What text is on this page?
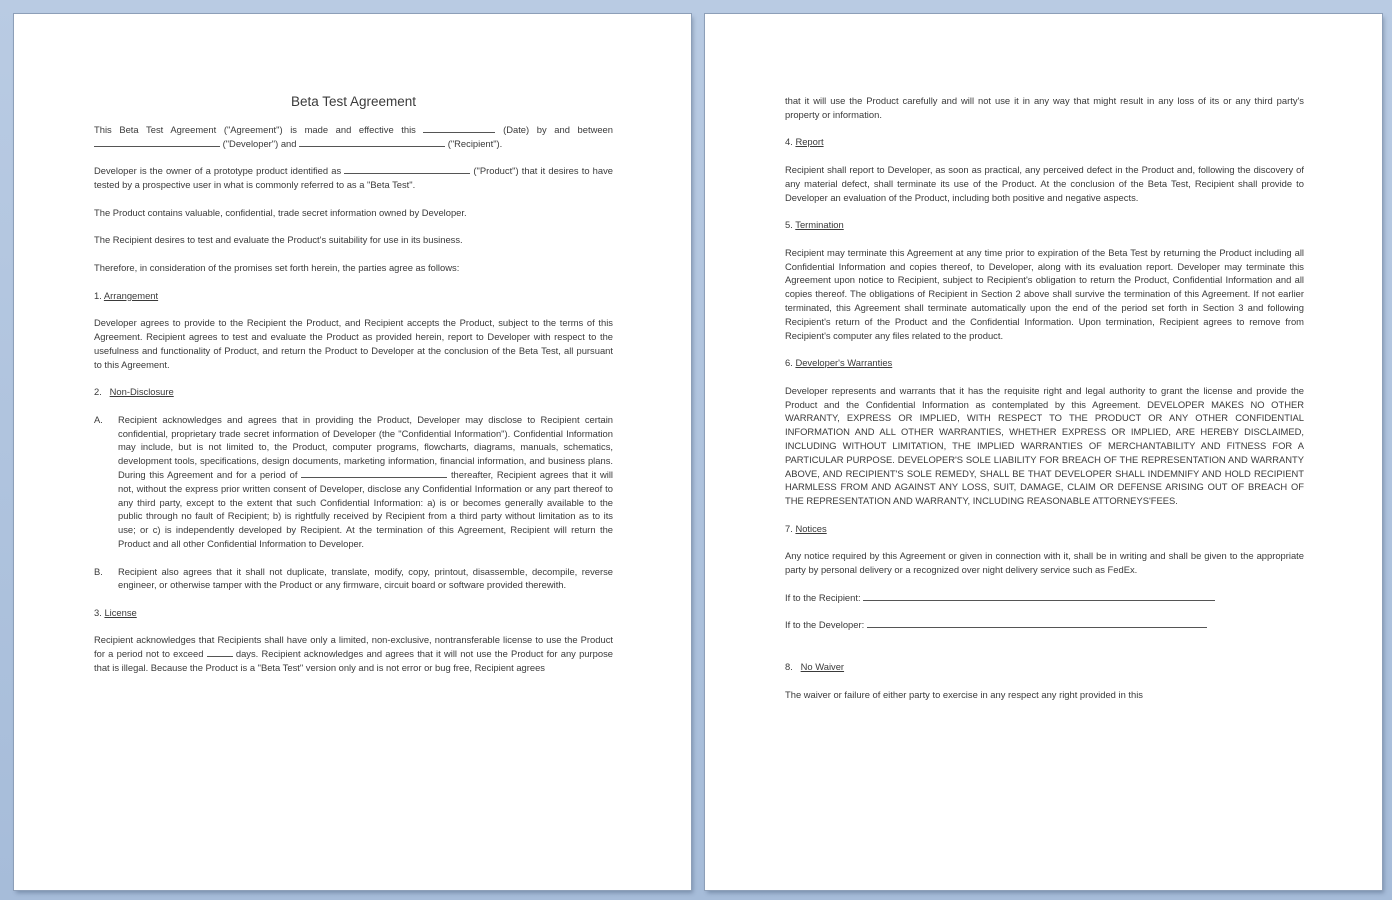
Beta Test Agreement

This Beta Test Agreement ("Agreement") is made and effective this	(Date) by and between  ("Developer") and	("Recipient").

Developer is the owner of a prototype product identified as	("Product") that it desires to have tested by a prospective user in what is commonly referred to as a "Beta Test".

The Product contains valuable, confidential, trade secret information owned by Developer.

The Recipient desires to test and evaluate the Product's suitability for use in its business.

Therefore, in consideration of the promises set forth herein, the parties agree as follows:

1. Arrangement

Developer agrees to provide to the Recipient the Product, and Recipient accepts the Product, subject to the terms of this Agreement. Recipient agrees to test and evaluate the Product as provided herein, report to Developer with respect to the usefulness and functionality of Product, and return the Product to Developer at the conclusion of the Beta Test, all pursuant to this Agreement.

2.   Non-Disclosure
A.	Recipient acknowledges and agrees that in providing the Product, Developer may disclose to Recipient certain confidential, proprietary trade secret information of Developer (the "Confidential Information"). Confidential Information may include, but is not limited to, the Product, computer programs, flowcharts, diagrams, manuals, schematics, development tools, specifications, design documents, marketing information, financial information, and business plans. During this Agreement and for a period of	thereafter, Recipient agrees that it will not, without the express prior written consent of Developer, disclose any Confidential Information or any part thereof to any third party, except to the extent that such Confidential Information: a) is or becomes generally available to the public through no fault of Recipient; b) is rightfully received by Recipient from a third party without limitation as to its use; or c) is independently developed by Recipient. At the termination of this Agreement, Recipient will return the Product and all other Confidential Information to Developer.
B.	Recipient also agrees that it shall not duplicate, translate, modify, copy, printout, disassemble, decompile, reverse engineer, or otherwise tamper with the Product or any firmware, circuit board or software provided therewith.
3. License

Recipient acknowledges that Recipients shall have only a limited, non-exclusive, nontransferable license to use the Product for a period not to exceed	days. Recipient acknowledges and agrees that it will not use the Product for any purpose that is illegal. Because the Product is a "Beta Test" version only and is not error or bug free, Recipient agrees

that it will use the Product carefully and will not use it in any way that might result in any loss of its or any third party's property or information.

4. Report

Recipient shall report to Developer, as soon as practical, any perceived defect in the Product and, following the discovery of any material defect, shall terminate its use of the Product. At the conclusion of the Beta Test, Recipient shall provide to Developer an evaluation of the Product, including both positive and negative aspects.

5. Termination

Recipient may terminate this Agreement at any time prior to expiration of the Beta Test by returning the Product including all Confidential Information and copies thereof, to Developer, along with its evaluation report. Developer may terminate this Agreement upon notice to Recipient, subject to Recipient's obligation to return the Product, Confidential Information and all copies thereof. The obligations of Recipient in Section 2 above shall survive the termination of this Agreement. If not earlier terminated, this Agreement shall terminate automatically upon the end of the period set forth in Section 3 and following Recipient's return of the Product and the Confidential Information. Upon termination, Recipient agrees to remove from Recipient's computer any files related to the product.

6. Developer's Warranties

Developer represents and warrants that it has the requisite right and legal authority to grant the license and provide the Product and the Confidential Information as contemplated by this Agreement. DEVELOPER MAKES NO OTHER WARRANTY, EXPRESS OR IMPLIED, WITH RESPECT TO THE PRODUCT OR ANY OTHER CONFIDENTIAL INFORMATION AND ALL OTHER WARRANTIES, WHETHER EXPRESS OR IMPLIED, ARE HEREBY DISCLAIMED, INCLUDING WITHOUT LIMITATION, THE IMPLIED WARRANTIES OF MERCHANTABILITY AND FITNESS FOR A PARTICULAR PURPOSE. DEVELOPER'S SOLE LIABILITY FOR BREACH OF THE REPRESENTATION AND WARRANTY ABOVE, AND RECIPIENT'S SOLE REMEDY, SHALL BE THAT DEVELOPER SHALL INDEMNIFY AND HOLD RECIPIENT HARMLESS FROM AND AGAINST ANY LOSS, SUIT, DAMAGE, CLAIM OR DEFENSE ARISING OUT OF BREACH OF THE REPRESENTATION AND WARRANTY, INCLUDING REASONABLE ATTORNEYS'FEES.

7. Notices

Any notice required by this Agreement or given in connection with it, shall be in writing and shall be given to the appropriate party by personal delivery or a recognized over night delivery service such as FedEx.

If to the Recipient:
If to the Developer:
8.   No Waiver

The waiver or failure of either party to exercise in any respect any right provided in this
